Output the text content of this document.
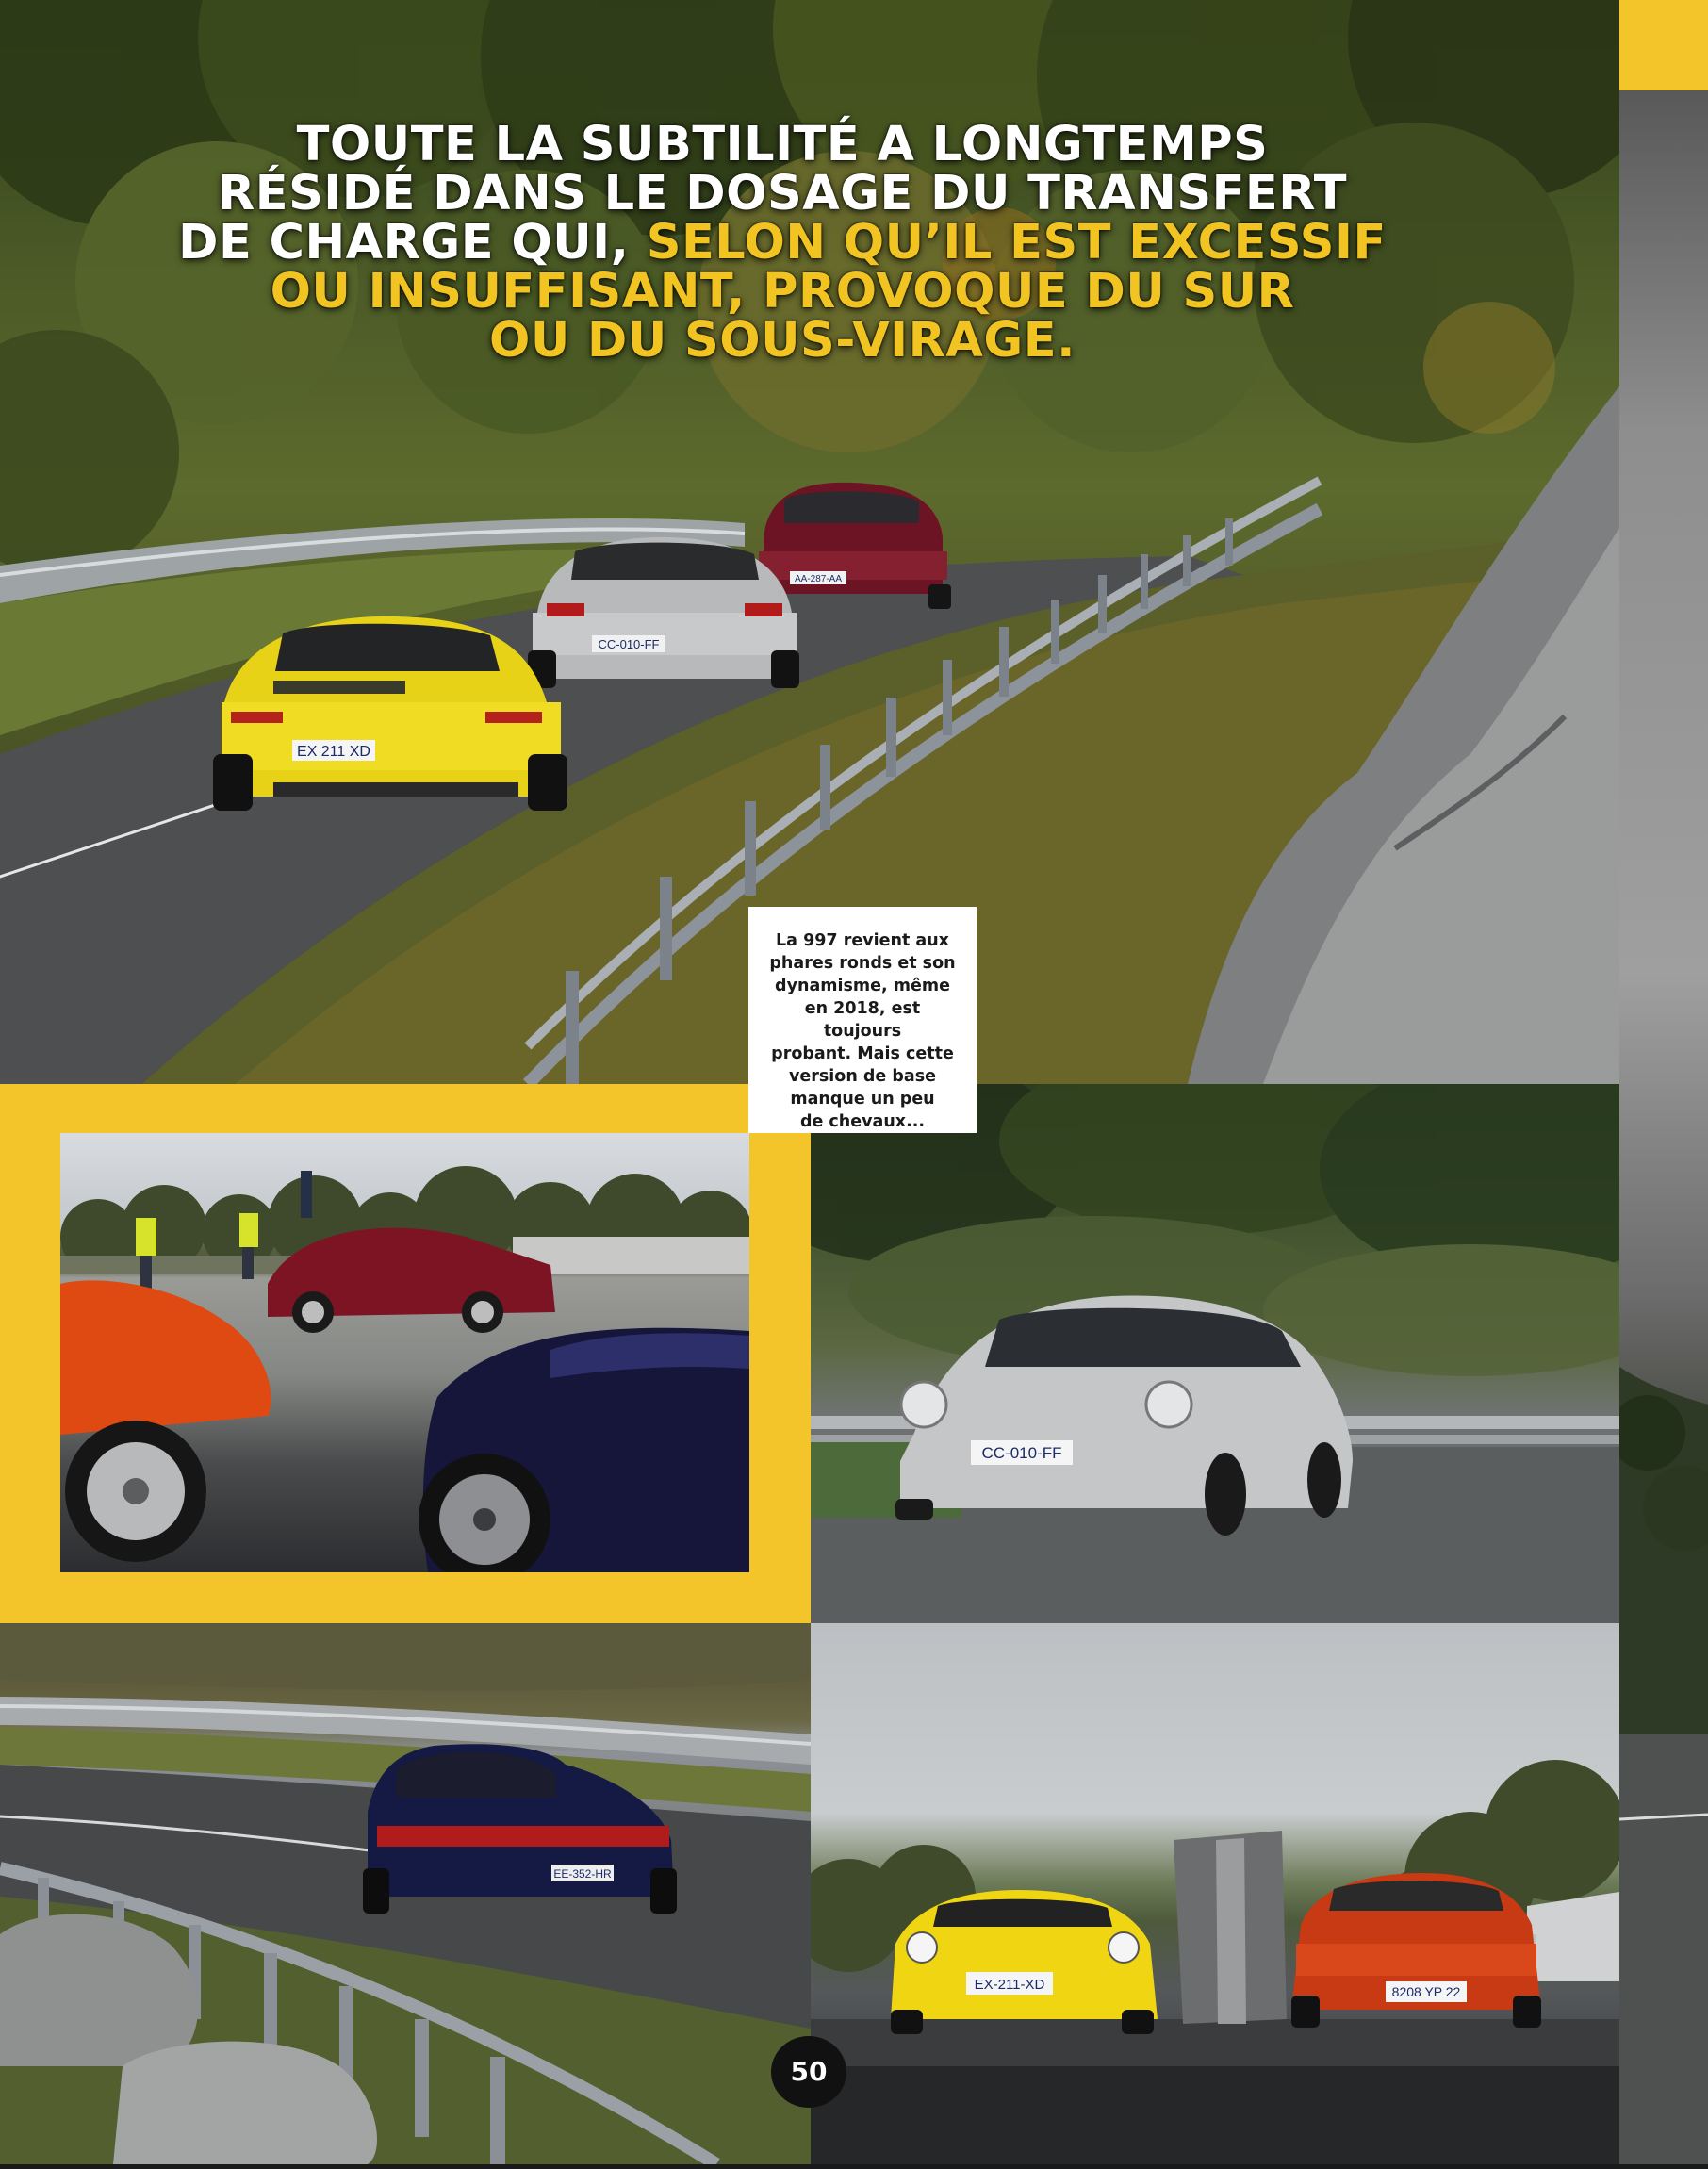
AA-287-AA
CC-010-FF
EX 211 XD
TOUTE LA SUBTILITÉ A LONGTEMPS
RÉSIDÉ DANS LE DOSAGE DU TRANSFERT
DE CHARGE QUI, SELON QU’IL EST EXCESSIF
OU INSUFFISANT, PROVOQUE DU SUR
OU DU SOUS-VIRAGE.
CC-010-FF
EE-352-HR
EX-211-XD	8208 YP 22
La 997 revient aux
phares ronds et son
dynamisme, même
en 2018, est toujours
probant. Mais cette
version de base
manque un peu
de chevaux...
50
